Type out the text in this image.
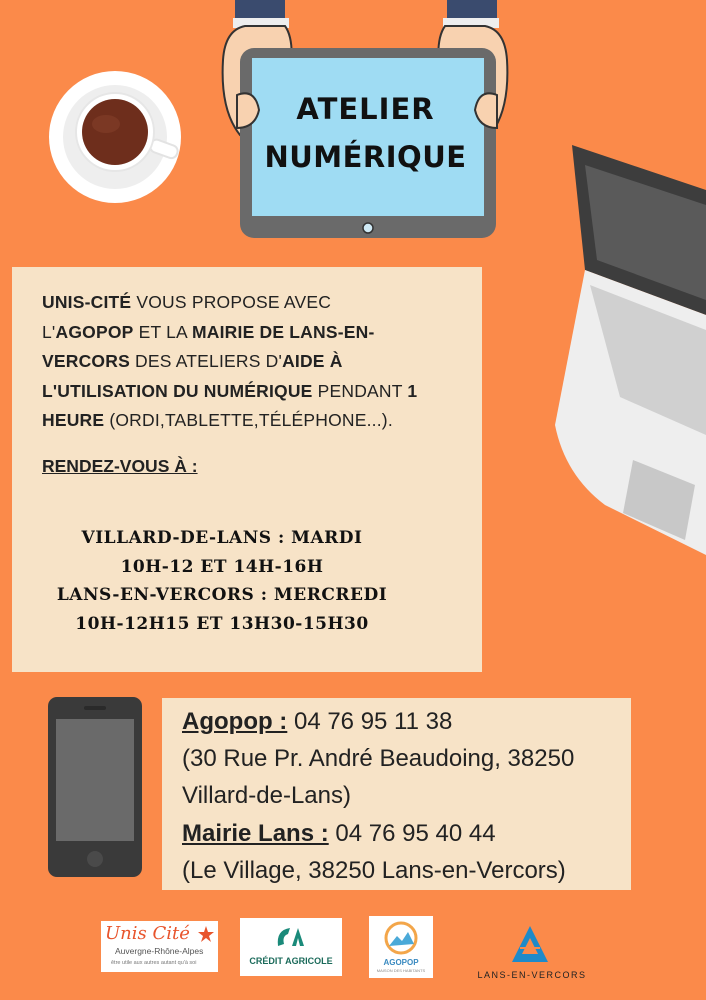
ATELIER
NUMÉRIQUE
UNIS-CITÉ VOUS PROPOSE AVEC
L'AGOPOP ET LA MAIRIE DE LANS-EN-
VERCORS DES ATELIERS D'AIDE À
L'UTILISATION DU NUMÉRIQUE PENDANT 1
HEURE (ORDI,TABLETTE,TÉLÉPHONE...).
RENDEZ-VOUS À :
VILLARD-DE-LANS : MARDI
10H-12 ET 14H-16H
LANS-EN-VERCORS : MERCREDI
10H-12H15 ET 13H30-15H30
Agopop : 04 76 95 11 38
(30 Rue Pr. André Beaudoing, 38250
Villard-de-Lans)
Mairie Lans : 04 76 95 40 44
(Le Village, 38250 Lans-en-Vercors)
Unis Cité
Auvergne-Rhône-Alpes
être utile aux autres autant qu'à soi	CRÉDIT AGRICOLE	AGOPOP
MAISON DES HABITANTS	LANS-EN-VERCORS
